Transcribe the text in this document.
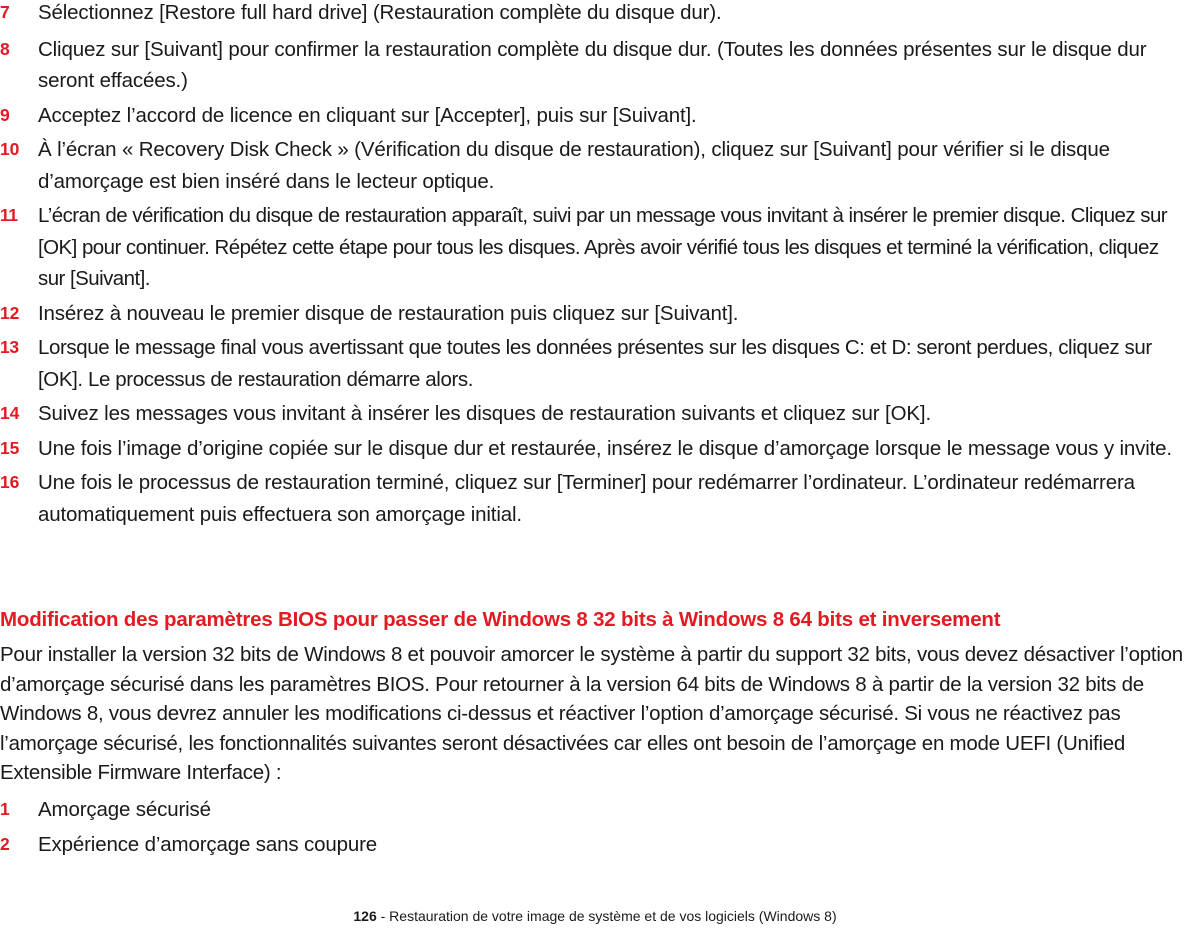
7 Sélectionnez [Restore full hard drive] (Restauration complète du disque dur).
8 Cliquez sur [Suivant] pour confirmer la restauration complète du disque dur. (Toutes les données présentes sur le disque dur seront effacées.)
9 Acceptez l’accord de licence en cliquant sur [Accepter], puis sur [Suivant].
10 À l’écran « Recovery Disk Check » (Vérification du disque de restauration), cliquez sur [Suivant] pour vérifier si le disque d’amorçage est bien inséré dans le lecteur optique.
11 L’écran de vérification du disque de restauration apparaît, suivi par un message vous invitant à insérer le premier disque. Cliquez sur [OK] pour continuer. Répétez cette étape pour tous les disques. Après avoir vérifié tous les disques et terminé la vérification, cliquez sur [Suivant].
12 Insérez à nouveau le premier disque de restauration puis cliquez sur [Suivant].
13 Lorsque le message final vous avertissant que toutes les données présentes sur les disques C: et D: seront perdues, cliquez sur [OK]. Le processus de restauration démarre alors.
14 Suivez les messages vous invitant à insérer les disques de restauration suivants et cliquez sur [OK].
15 Une fois l’image d’origine copiée sur le disque dur et restaurée, insérez le disque d’amorçage lorsque le message vous y invite.
16 Une fois le processus de restauration terminé, cliquez sur [Terminer] pour redémarrer l’ordinateur. L’ordinateur redémarrera automatiquement puis effectuera son amorçage initial.
Modification des paramètres BIOS pour passer de Windows 8 32 bits à Windows 8 64 bits et inversement

Pour installer la version 32 bits de Windows 8 et pouvoir amorcer le système à partir du support 32 bits, vous devez désactiver l’option d’amorçage sécurisé dans les paramètres BIOS. Pour retourner à la version 64 bits de Windows 8 à partir de la version 32 bits de Windows 8, vous devrez annuler les modifications ci-dessus et réactiver l’option d’amorçage sécurisé. Si vous ne réactivez pas l’amorçage sécurisé, les fonctionnalités suivantes seront désactivées car elles ont besoin de l’amorçage en mode UEFI (Unified Extensible Firmware Interface) :

1 Amorçage sécurisé
2 Expérience d’amorçage sans coupure
126 - Restauration de votre image de système et de vos logiciels (Windows 8)
